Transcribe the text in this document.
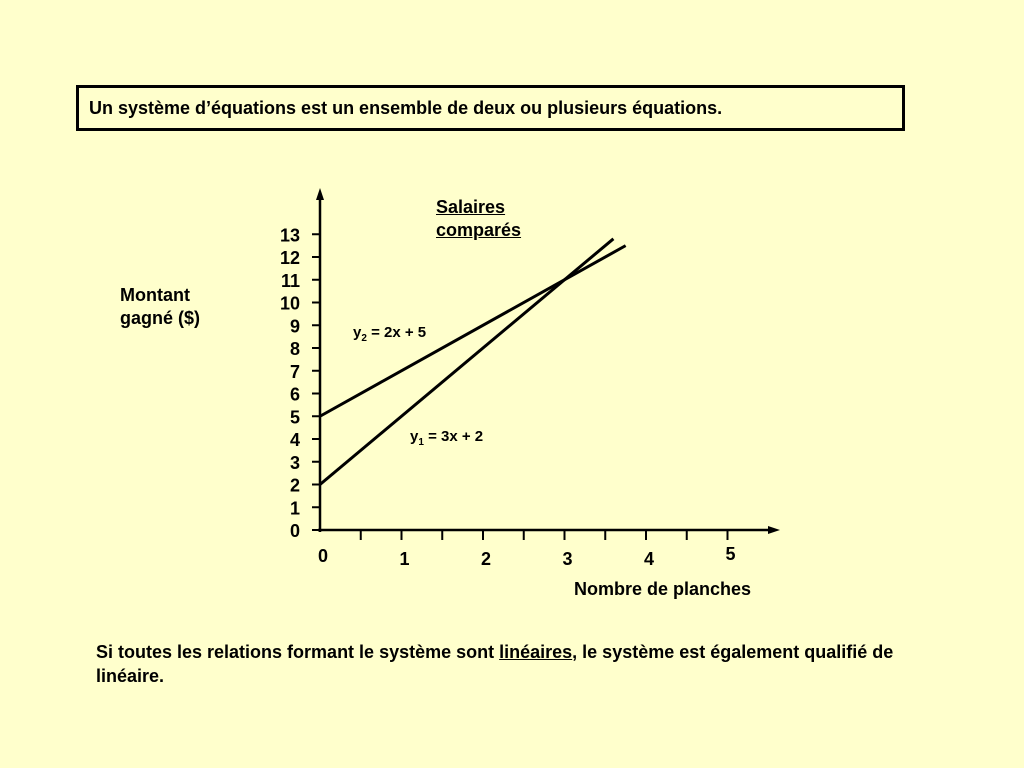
Un système d’équations est un ensemble de deux ou plusieurs équations.
0
1
2
3
4
5
6
7
8
9
10
11
12
13
0	1	2	3	4	5
Salaires
comparés
Montant
gagné ($)
Nombre de planches
$y_2 = 2x + 5$
$y_1 = 3x + 2$
Si toutes les relations formant le système sont linéaires, le système est également qualifié de linéaire.
